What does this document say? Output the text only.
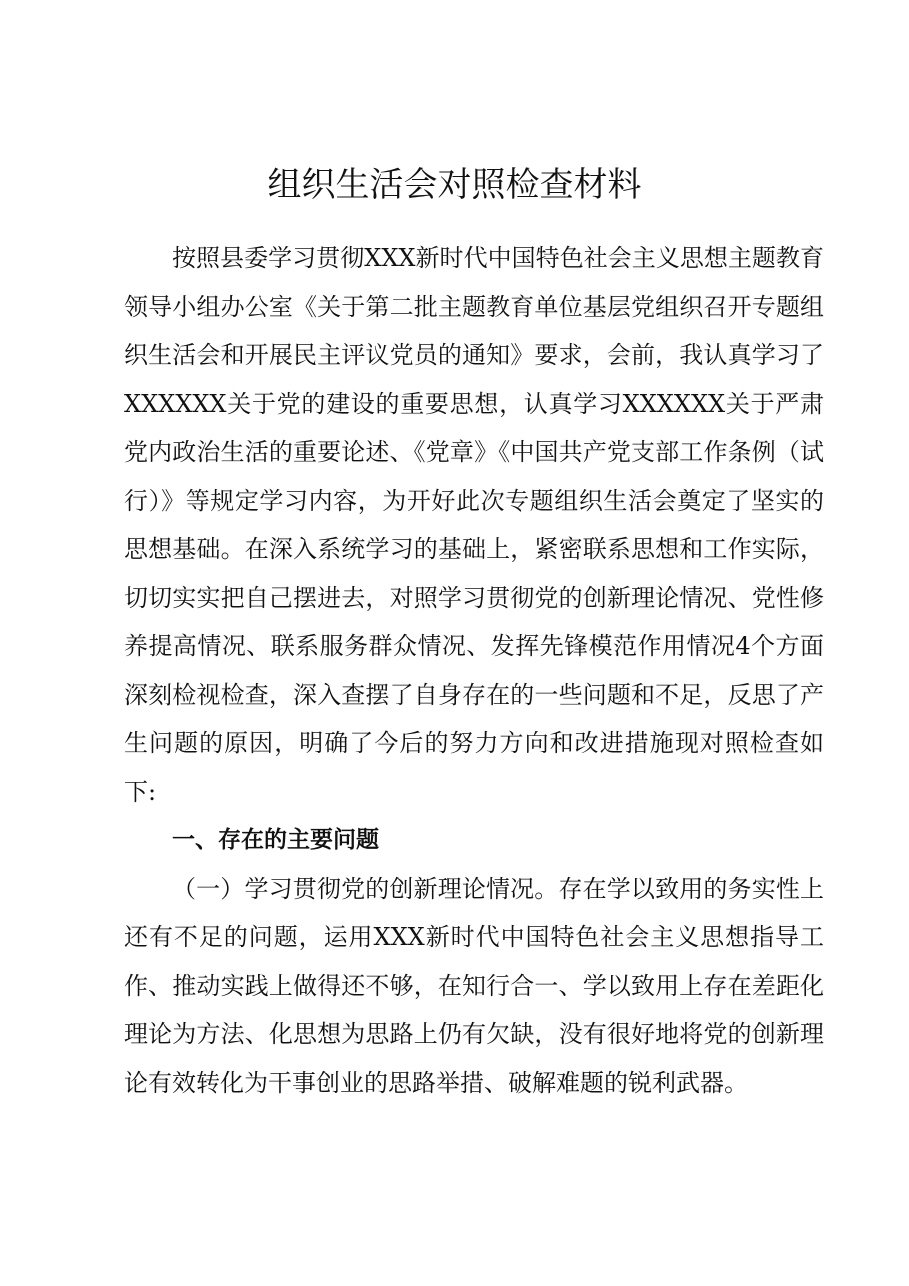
组织生活会对照检查材料

按照县委学习贯彻XXX新时代中国特色社会主义思想主题教育领导小组办公室《关于第二批主题教育单位基层党组织召开专题组织生活会和开展民主评议党员的通知》要求，会前，我认真学习了XXXXXX关于党的建设的重要思想，认真学习XXXXXX关于严肃党内政治生活的重要论述、《党章》《中国共产党支部工作条例（试行）》等规定学习内容，为开好此次专题组织生活会奠定了坚实的思想基础。在深入系统学习的基础上，紧密联系思想和工作实际，切切实实把自己摆进去，对照学习贯彻党的创新理论情况、党性修养提高情况、联系服务群众情况、发挥先锋模范作用情况4个方面深刻检视检查，深入查摆了自身存在的一些问题和不足，反思了产生问题的原因，明确了今后的努力方向和改进措施现对照检查如下:

一、存在的主要问题

（一）学习贯彻党的创新理论情况。存在学以致用的务实性上还有不足的问题，运用XXX新时代中国特色社会主义思想指导工作、推动实践上做得还不够，在知行合一、学以致用上存在差距化理论为方法、化思想为思路上仍有欠缺，没有很好地将党的创新理论有效转化为干事创业的思路举措、破解难题的锐利武器。
